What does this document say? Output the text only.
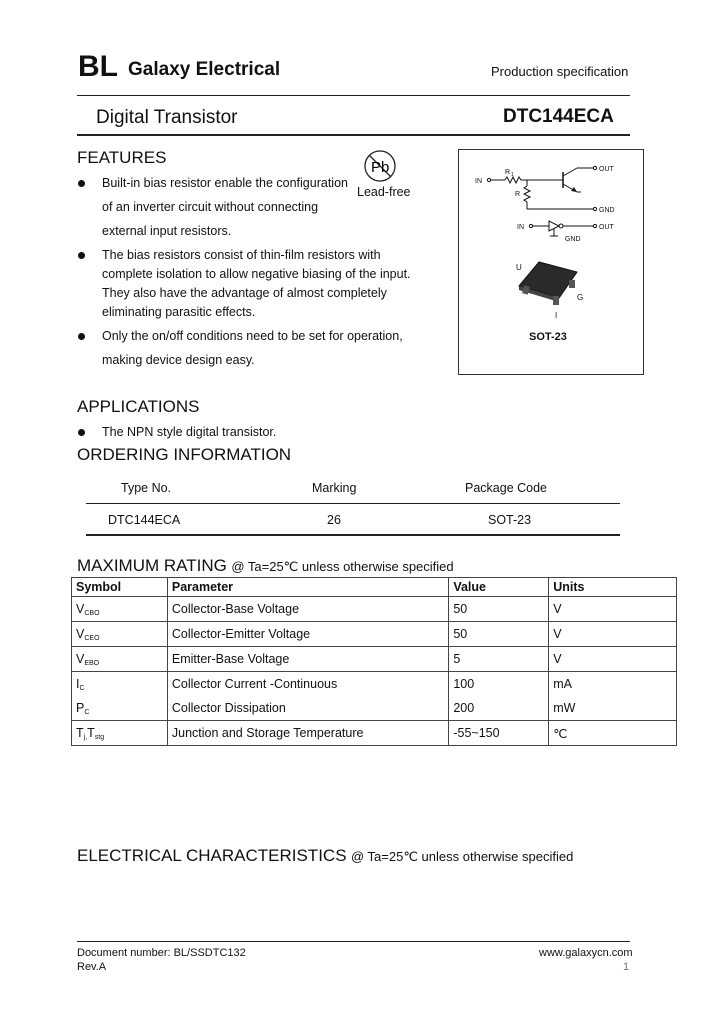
BL Galaxy Electrical	Production specification
Digital Transistor	DTC144ECA
FEATURES
Pb
Lead-free
Built-in bias resistor enable the configuration
of an inverter circuit without connecting
external input resistors.
The bias resistors consist of thin-film resistors with
complete isolation to allow negative biasing of the input.
They also have the advantage of almost completely
eliminating parasitic effects.
Only the on/off conditions need to be set for operation,
making device design easy.
IN
R 1
R
OUT
GND
IN	OUT
GND
U
G
I
SOT-23
APPLICATIONS
The NPN style digital transistor.
ORDERING INFORMATION
Type No.	Marking	Package Code
DTC144ECA	26	SOT-23
MAXIMUM RATING @ Ta=25℃ unless otherwise specified
Symbol	Parameter	Value	Units
$V_{CBO}$	Collector-Base Voltage	50	V
$V_{CEO}$	Collector-Emitter Voltage	50	V
$V_{EBO}$	Emitter-Base Voltage	5	V
$I_C$	Collector Current -Continuous	100	mA
$P_C$	Collector Dissipation	200	mW
$T_{j,}T_{stg}$	Junction and Storage Temperature	-55~150	℃
ELECTRICAL CHARACTERISTICS @ Ta=25℃ unless otherwise specified
Document number: BL/SSDTC132
Rev.A
www.galaxycn.com
1
